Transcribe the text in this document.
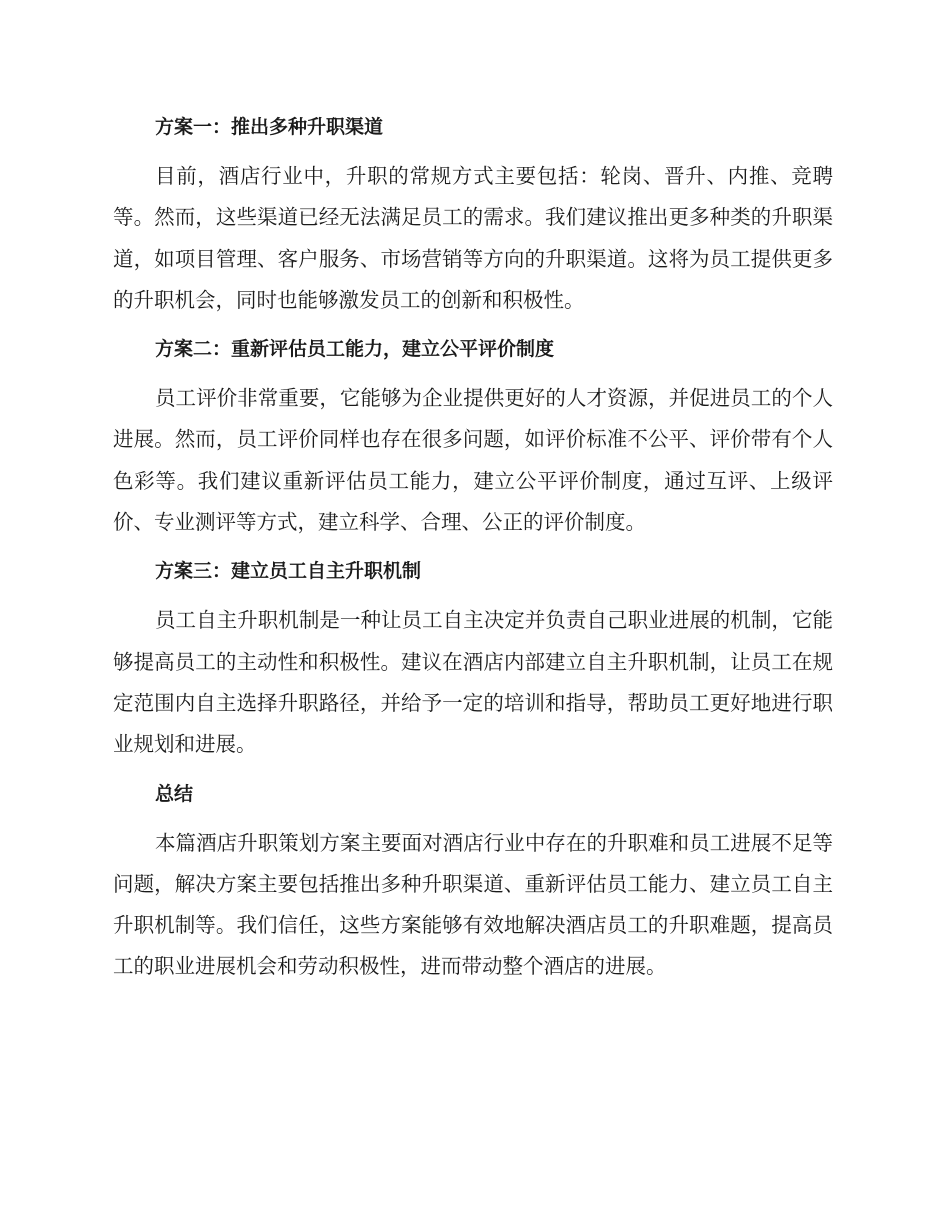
方案一：推出多种升职渠道

目前，酒店行业中，升职的常规方式主要包括：轮岗、晋升、内推、竞聘等。然而，这些渠道已经无法满足员工的需求。我们建议推出更多种类的升职渠道，如项目管理、客户服务、市场营销等方向的升职渠道。这将为员工提供更多的升职机会，同时也能够激发员工的创新和积极性。

方案二：重新评估员工能力，建立公平评价制度

员工评价非常重要，它能够为企业提供更好的人才资源，并促进员工的个人进展。然而，员工评价同样也存在很多问题，如评价标准不公平、评价带有个人色彩等。我们建议重新评估员工能力，建立公平评价制度，通过互评、上级评价、专业测评等方式，建立科学、合理、公正的评价制度。

方案三：建立员工自主升职机制

员工自主升职机制是一种让员工自主决定并负责自己职业进展的机制，它能够提高员工的主动性和积极性。建议在酒店内部建立自主升职机制，让员工在规定范围内自主选择升职路径，并给予一定的培训和指导，帮助员工更好地进行职业规划和进展。

总结

本篇酒店升职策划方案主要面对酒店行业中存在的升职难和员工进展不足等问题，解决方案主要包括推出多种升职渠道、重新评估员工能力、建立员工自主升职机制等。我们信任，这些方案能够有效地解决酒店员工的升职难题，提高员工的职业进展机会和劳动积极性，进而带动整个酒店的进展。
